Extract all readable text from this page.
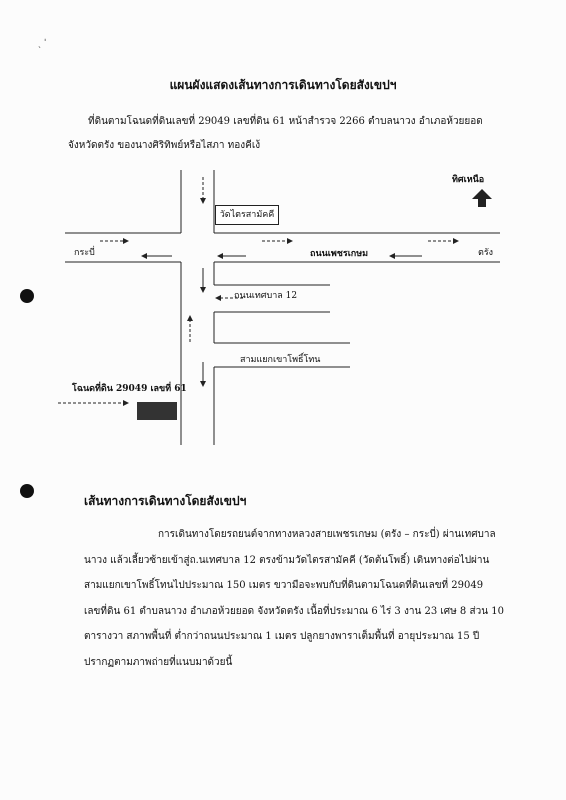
ˏ ˈ
แผนผังแสดงเส้นทางการเดินทางโดยสังเขปฯ
ที่ดินตามโฉนดที่ดินเลขที่ 29049 เลขที่ดิน 61 หน้าสำรวจ 2266 ตำบลนาวง อำเภอห้วยยอด
จังหวัดตรัง ของนางศิริทิพย์หรือไสภา ทองคีเง้
ทิศเหนือ
วัดไตรสามัคคี
ถนนเพชรเกษม
กระบี่	ตรัง
ถนนเทศบาล 12
สามแยกเขาโพธิ์โทน
โฉนดที่ดิน 29049 เลขที่ 61
เส้นทางการเดินทางโดยสังเขปฯ
การเดินทางโดยรถยนต์จากทางหลวงสายเพชรเกษม (ตรัง – กระบี่) ผ่านเทศบาล
นาวง แล้วเลี้ยวซ้ายเข้าสู่ถ.นเทศบาล 12 ตรงข้ามวัดไตรสามัคคี (วัดต้นโพธิ์) เดินทางต่อไปผ่าน
สามแยกเขาโพธิ์โทนไปประมาณ 150 เมตร ขวามือจะพบกับที่ดินตามโฉนดที่ดินเลขที่ 29049
เลขที่ดิน 61 ตำบลนาวง อำเภอห้วยยอด จังหวัดตรัง เนื้อที่ประมาณ 6 ไร่ 3 งาน 23 เศษ 8 ส่วน 10
ตารางวา สภาพพื้นที่ ต่ำกว่าถนนประมาณ 1 เมตร ปลูกยางพาราเต็มพื้นที่ อายุประมาณ 15 ปี
ปรากฏตามภาพถ่ายที่แนบมาด้วยนี้
